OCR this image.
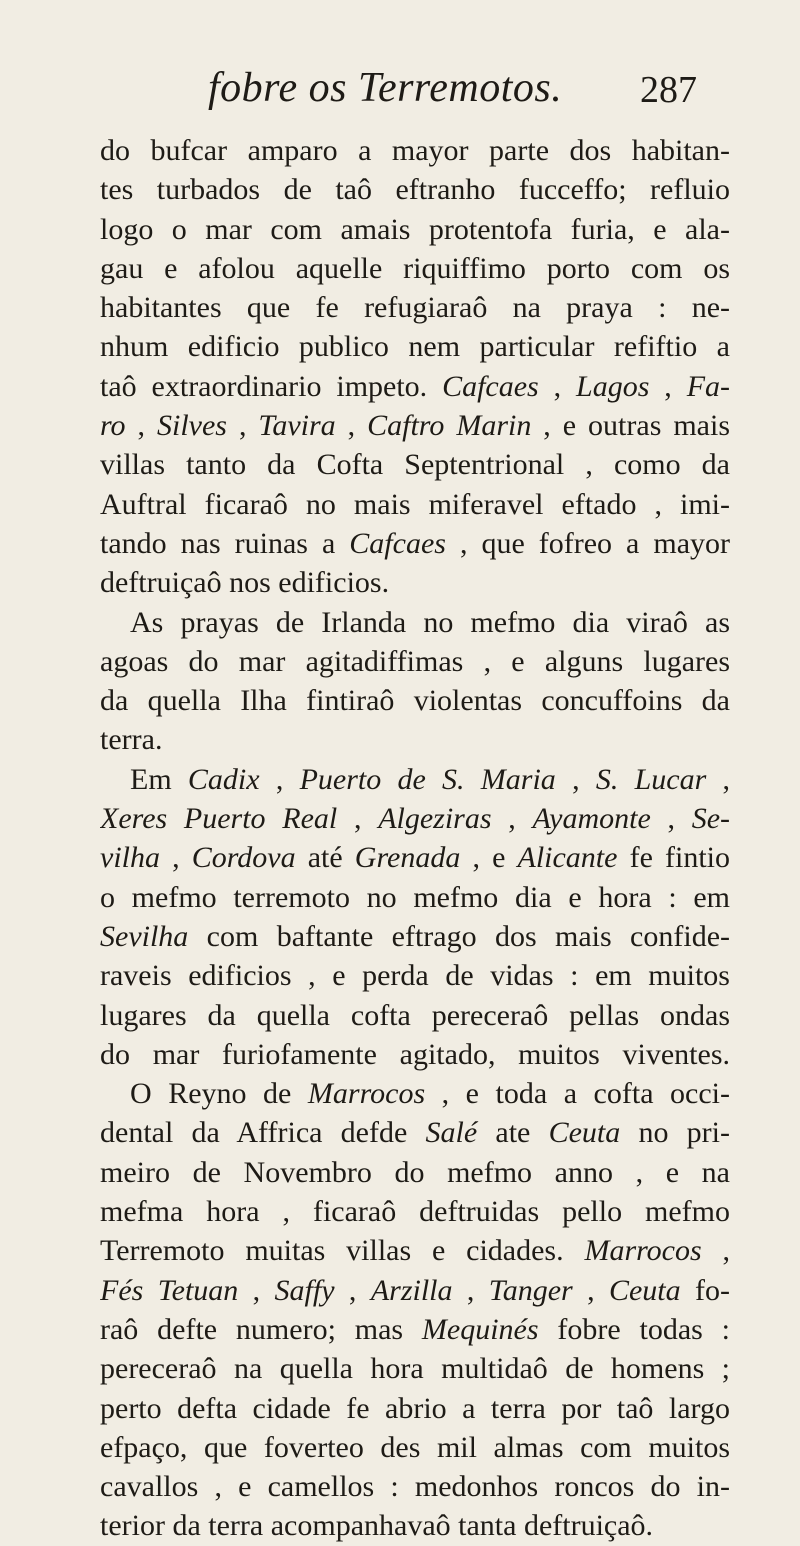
fobre os Terremotos. 287
do bufcar amparo a mayor parte dos habitan-
tes turbados de taô eftranho fucceffo; refluio
logo o mar com amais protentofa furia, e ala-
gau e afolou aquelle riquiffimo porto com os
habitantes que fe refugiaraô na praya : ne-
nhum edificio publico nem particular refiftio a
taô extraordinario impeto. Cafcaes , Lagos , Fa-
ro , Silves , Tavira , Caftro Marin , e outras mais
villas tanto da Cofta Septentrional , como da
Auftral ficaraô no mais miferavel eftado , imi-
tando nas ruinas a Cafcaes , que fofreo a mayor
deftruiçaô nos edificios.
As prayas de Irlanda no mefmo dia viraô as
agoas do mar agitadiffimas , e alguns lugares
da quella Ilha fintiraô violentas concuffoins da
terra.
Em Cadix , Puerto de S. Maria , S. Lucar ,
Xeres Puerto Real , Algeziras , Ayamonte , Se-
vilha , Cordova até Grenada , e Alicante fe fintio
o mefmo terremoto no mefmo dia e hora : em
Sevilha com baftante eftrago dos mais confide-
raveis edificios , e perda de vidas : em muitos
lugares da quella cofta pereceraô pellas ondas
do mar furiofamente agitado, muitos viventes.
O Reyno de Marrocos , e toda a cofta occi-
dental da Affrica defde Salé ate Ceuta no pri-
meiro de Novembro do mefmo anno , e na
mefma hora , ficaraô deftruidas pello mefmo
Terremoto muitas villas e cidades. Marrocos ,
Fés Tetuan , Saffy , Arzilla , Tanger , Ceuta fo-
raô defte numero; mas Mequinés fobre todas :
pereceraô na quella hora multidaô de homens ;
perto defta cidade fe abrio a terra por taô largo
efpaço, que foverteo des mil almas com muitos
cavallos , e camellos : medonhos roncos do in-
terior da terra acompanhavaô tanta deftruiçaô.
